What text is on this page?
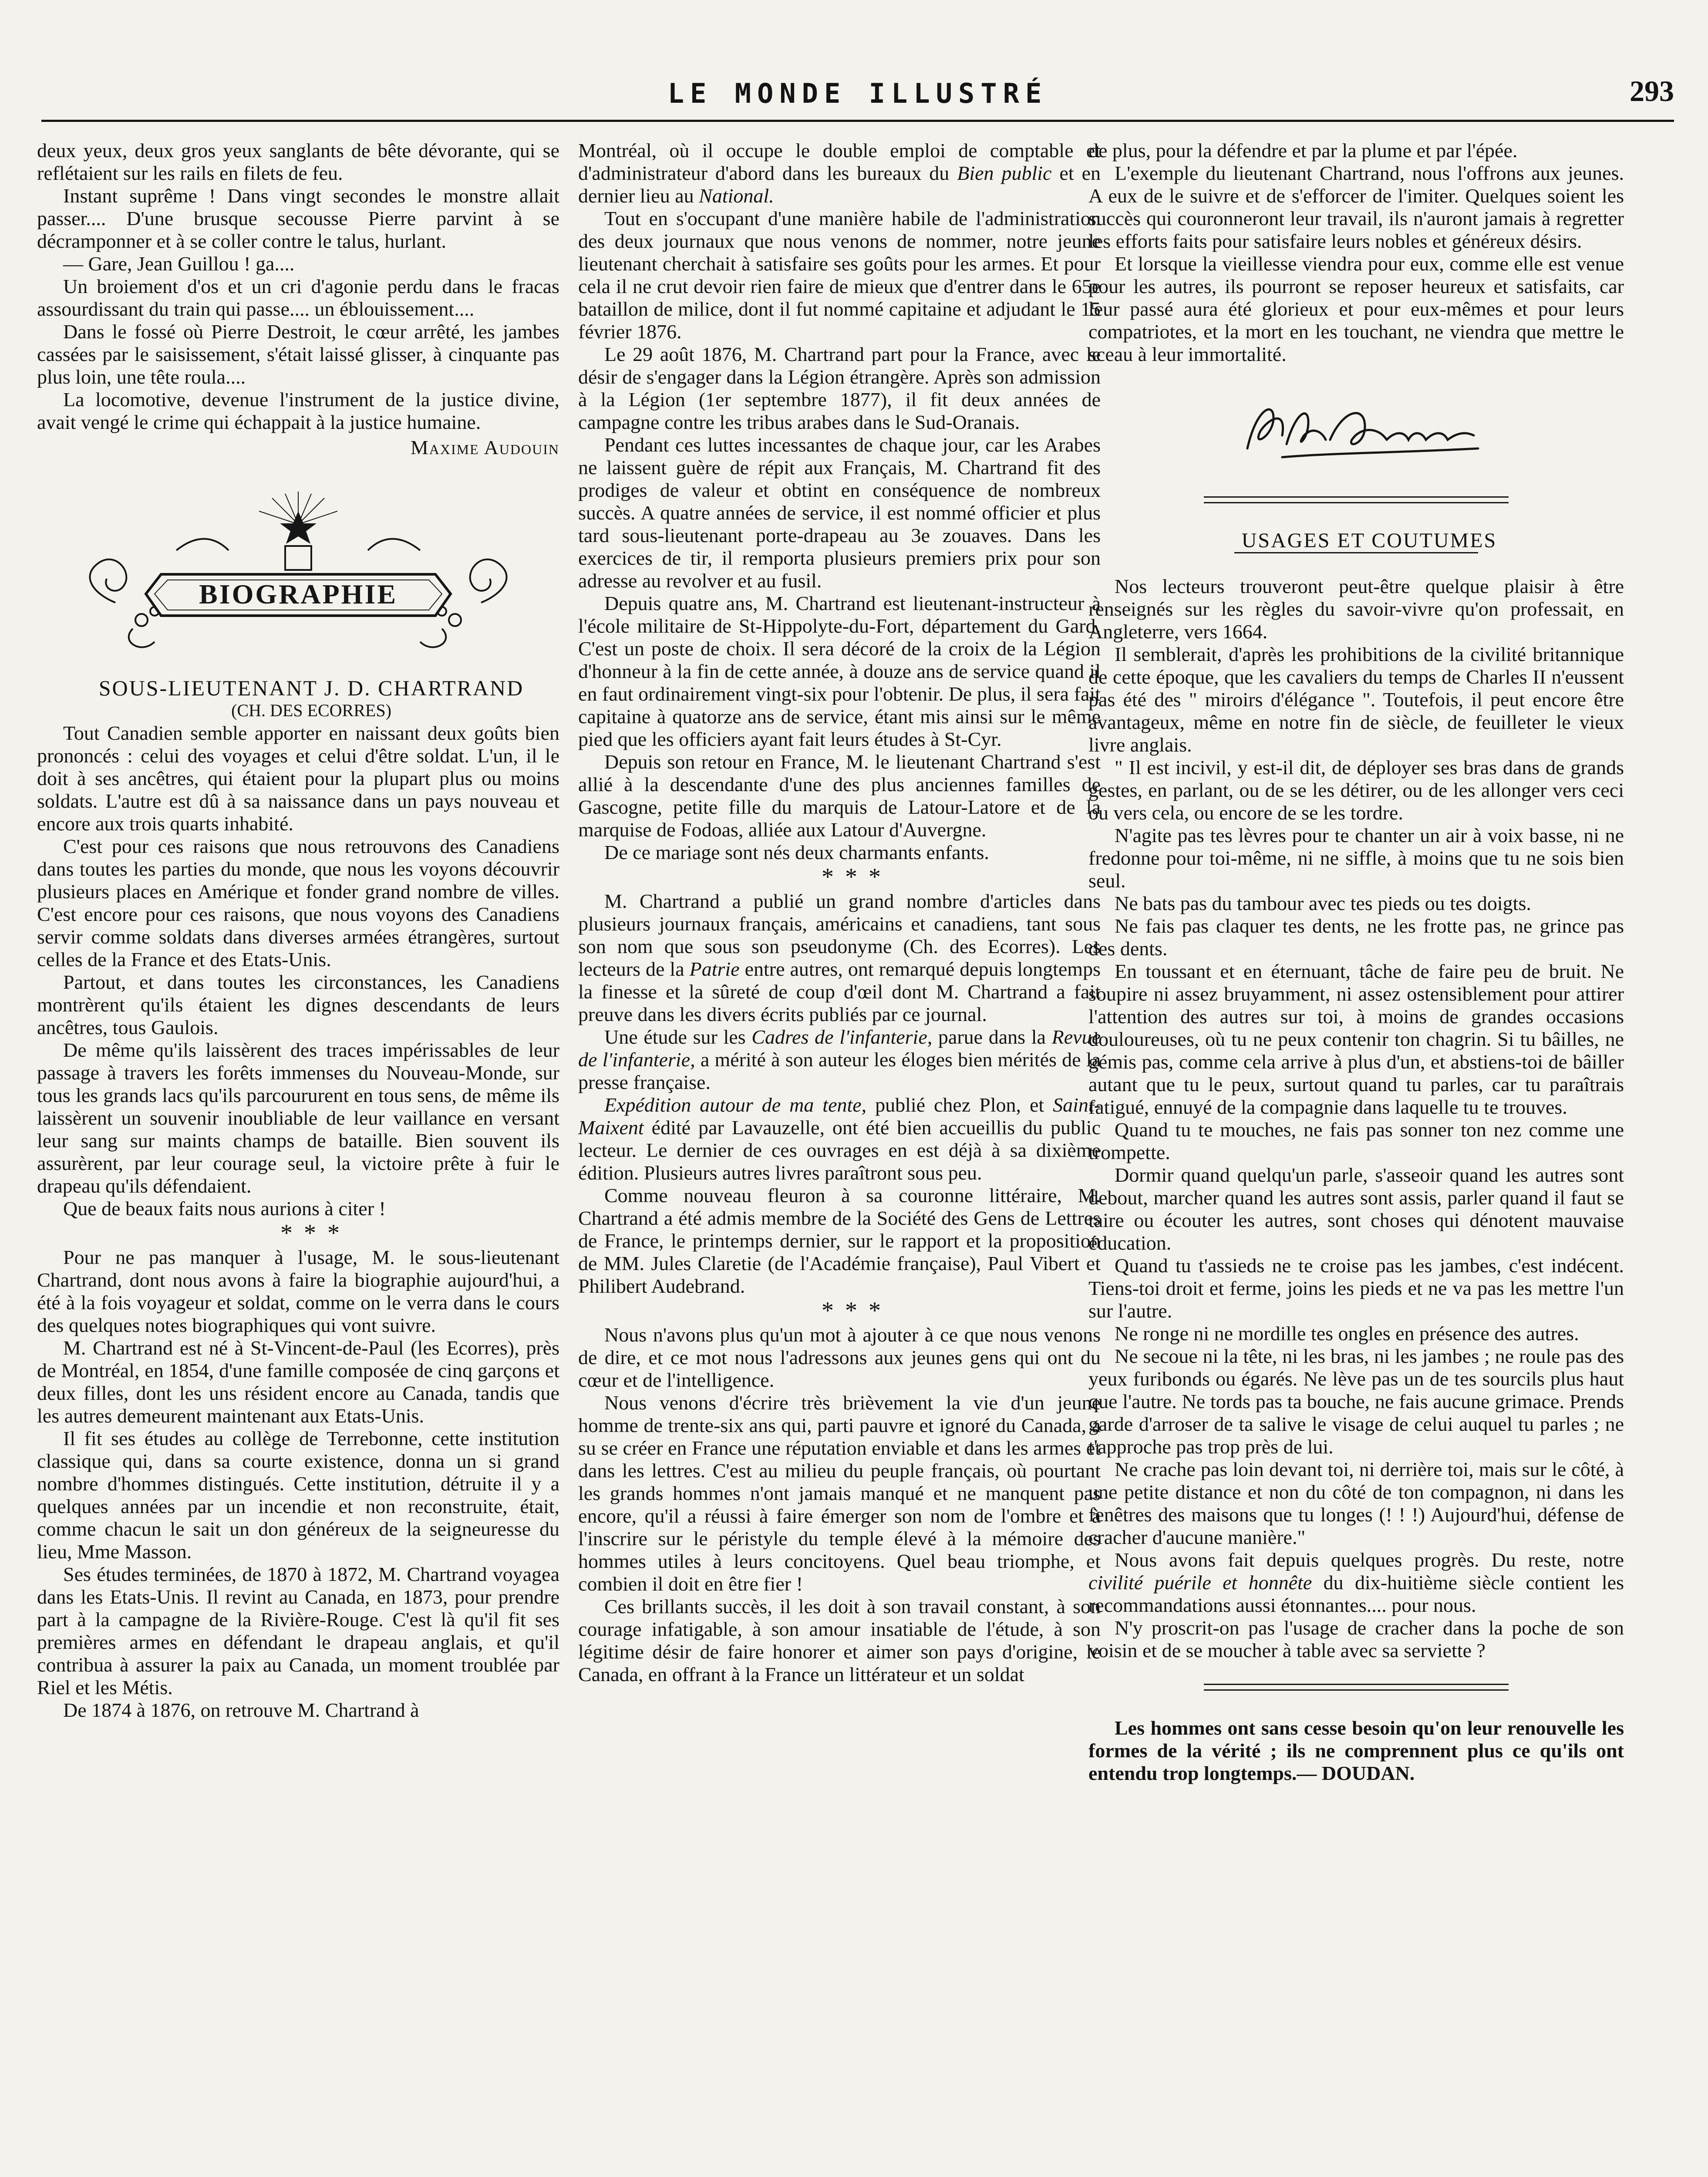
LE MONDE ILLUSTRÉ	293

deux yeux, deux gros yeux sanglants de bête dévorante, qui se reflétaient sur les rails en filets de feu.

Instant suprême ! Dans vingt secondes le monstre allait passer.... D'une brusque secousse Pierre parvint à se décramponner et à se coller contre le talus, hurlant.

— Gare, Jean Guillou ! ga....

Un broiement d'os et un cri d'agonie perdu dans le fracas assourdissant du train qui passe.... un éblouissement....

Dans le fossé où Pierre Destroit, le cœur arrêté, les jambes cassées par le saisissement, s'était laissé glisser, à cinquante pas plus loin, une tête roula....

La locomotive, devenue l'instrument de la justice divine, avait vengé le crime qui échappait à la justice humaine.

Maxime Audouin

BIOGRAPHIE

SOUS-LIEUTENANT J. D. CHARTRAND

(CH. DES ECORRES)

Tout Canadien semble apporter en naissant deux goûts bien prononcés : celui des voyages et celui d'être soldat. L'un, il le doit à ses ancêtres, qui étaient pour la plupart plus ou moins soldats. L'autre est dû à sa naissance dans un pays nouveau et encore aux trois quarts inhabité.

C'est pour ces raisons que nous retrouvons des Canadiens dans toutes les parties du monde, que nous les voyons découvrir plusieurs places en Amérique et fonder grand nombre de villes. C'est encore pour ces raisons, que nous voyons des Canadiens servir comme soldats dans diverses armées étrangères, surtout celles de la France et des Etats-Unis.

Partout, et dans toutes les circonstances, les Canadiens montrèrent qu'ils étaient les dignes descendants de leurs ancêtres, tous Gaulois.

De même qu'ils laissèrent des traces impérissables de leur passage à travers les forêts immenses du Nouveau-Monde, sur tous les grands lacs qu'ils parcoururent en tous sens, de même ils laissèrent un souvenir inoubliable de leur vaillance en versant leur sang sur maints champs de bataille. Bien souvent ils assurèrent, par leur courage seul, la victoire prête à fuir le drapeau qu'ils défendaient.

Que de beaux faits nous aurions à citer !

* * *

Pour ne pas manquer à l'usage, M. le sous-lieutenant Chartrand, dont nous avons à faire la biographie aujourd'hui, a été à la fois voyageur et soldat, comme on le verra dans le cours des quelques notes biographiques qui vont suivre.

M. Chartrand est né à St-Vincent-de-Paul (les Ecorres), près de Montréal, en 1854, d'une famille composée de cinq garçons et deux filles, dont les uns résident encore au Canada, tandis que les autres demeurent maintenant aux Etats-Unis.

Il fit ses études au collège de Terrebonne, cette institution classique qui, dans sa courte existence, donna un si grand nombre d'hommes distingués. Cette institution, détruite il y a quelques années par un incendie et non reconstruite, était, comme chacun le sait un don généreux de la seigneuresse du lieu, Mme Masson.

Ses études terminées, de 1870 à 1872, M. Chartrand voyagea dans les Etats-Unis. Il revint au Canada, en 1873, pour prendre part à la campagne de la Rivière-Rouge. C'est là qu'il fit ses premières armes en défendant le drapeau anglais, et qu'il contribua à assurer la paix au Canada, un moment troublée par Riel et les Métis.

De 1874 à 1876, on retrouve M. Chartrand à

Montréal, où il occupe le double emploi de comptable et d'administrateur d'abord dans les bureaux du Bien public et en dernier lieu au National.

Tout en s'occupant d'une manière habile de l'administration des deux journaux que nous venons de nommer, notre jeune lieutenant cherchait à satisfaire ses goûts pour les armes. Et pour cela il ne crut devoir rien faire de mieux que d'entrer dans le 65e bataillon de milice, dont il fut nommé capitaine et adjudant le 15 février 1876.

Le 29 août 1876, M. Chartrand part pour la France, avec le désir de s'engager dans la Légion étrangère. Après son admission à la Légion (1er septembre 1877), il fit deux années de campagne contre les tribus arabes dans le Sud-Oranais.

Pendant ces luttes incessantes de chaque jour, car les Arabes ne laissent guère de répit aux Français, M. Chartrand fit des prodiges de valeur et obtint en conséquence de nombreux succès. A quatre années de service, il est nommé officier et plus tard sous-lieutenant porte-drapeau au 3e zouaves. Dans les exercices de tir, il remporta plusieurs premiers prix pour son adresse au revolver et au fusil.

Depuis quatre ans, M. Chartrand est lieutenant-instructeur à l'école militaire de St-Hippolyte-du-Fort, département du Gard. C'est un poste de choix. Il sera décoré de la croix de la Légion d'honneur à la fin de cette année, à douze ans de service quand il en faut ordinairement vingt-six pour l'obtenir. De plus, il sera fait capitaine à quatorze ans de service, étant mis ainsi sur le même pied que les officiers ayant fait leurs études à St-Cyr.

Depuis son retour en France, M. le lieutenant Chartrand s'est allié à la descendante d'une des plus anciennes familles de Gascogne, petite fille du marquis de Latour-Latore et de la marquise de Fodoas, alliée aux Latour d'Auvergne.

De ce mariage sont nés deux charmants enfants.

* * *

M. Chartrand a publié un grand nombre d'articles dans plusieurs journaux français, américains et canadiens, tant sous son nom que sous son pseudonyme (Ch. des Ecorres). Les lecteurs de la Patrie entre autres, ont remarqué depuis longtemps la finesse et la sûreté de coup d'œil dont M. Chartrand a fait preuve dans les divers écrits publiés par ce journal.

Une étude sur les Cadres de l'infanterie, parue dans la Revue de l'infanterie, a mérité à son auteur les éloges bien mérités de la presse française.

Expédition autour de ma tente, publié chez Plon, et Saint-Maixent édité par Lavauzelle, ont été bien accueillis du public lecteur. Le dernier de ces ouvrages en est déjà à sa dixième édition. Plusieurs autres livres paraîtront sous peu.

Comme nouveau fleuron à sa couronne littéraire, M. Chartrand a été admis membre de la Société des Gens de Lettres de France, le printemps dernier, sur le rapport et la proposition de MM. Jules Claretie (de l'Académie française), Paul Vibert et Philibert Audebrand.

* * *

Nous n'avons plus qu'un mot à ajouter à ce que nous venons de dire, et ce mot nous l'adressons aux jeunes gens qui ont du cœur et de l'intelligence.

Nous venons d'écrire très brièvement la vie d'un jeune homme de trente-six ans qui, parti pauvre et ignoré du Canada, a su se créer en France une réputation enviable et dans les armes et dans les lettres. C'est au milieu du peuple français, où pourtant les grands hommes n'ont jamais manqué et ne manquent pas encore, qu'il a réussi à faire émerger son nom de l'ombre et à l'inscrire sur le péristyle du temple élevé à la mémoire des hommes utiles à leurs concitoyens. Quel beau triomphe, et combien il doit en être fier !

Ces brillants succès, il les doit à son travail constant, à son courage infatigable, à son amour insatiable de l'étude, à son légitime désir de faire honorer et aimer son pays d'origine, le Canada, en offrant à la France un littérateur et un soldat

de plus, pour la défendre et par la plume et par l'épée.

L'exemple du lieutenant Chartrand, nous l'offrons aux jeunes. A eux de le suivre et de s'efforcer de l'imiter. Quelques soient les succès qui couronneront leur travail, ils n'auront jamais à regretter les efforts faits pour satisfaire leurs nobles et généreux désirs.

Et lorsque la vieillesse viendra pour eux, comme elle est venue pour les autres, ils pourront se reposer heureux et satisfaits, car leur passé aura été glorieux et pour eux-mêmes et pour leurs compatriotes, et la mort en les touchant, ne viendra que mettre le sceau à leur immortalité.

USAGES ET COUTUMES

Nos lecteurs trouveront peut-être quelque plaisir à être renseignés sur les règles du savoir-vivre qu'on professait, en Angleterre, vers 1664.

Il semblerait, d'après les prohibitions de la civilité britannique de cette époque, que les cavaliers du temps de Charles II n'eussent pas été des " miroirs d'élégance ". Toutefois, il peut encore être avantageux, même en notre fin de siècle, de feuilleter le vieux livre anglais.

" Il est incivil, y est-il dit, de déployer ses bras dans de grands gestes, en parlant, ou de se les détirer, ou de les allonger vers ceci ou vers cela, ou encore de se les tordre.

N'agite pas tes lèvres pour te chanter un air à voix basse, ni ne fredonne pour toi-même, ni ne siffle, à moins que tu ne sois bien seul.

Ne bats pas du tambour avec tes pieds ou tes doigts.

Ne fais pas claquer tes dents, ne les frotte pas, ne grince pas des dents.

En toussant et en éternuant, tâche de faire peu de bruit. Ne soupire ni assez bruyamment, ni assez ostensiblement pour attirer l'attention des autres sur toi, à moins de grandes occasions douloureuses, où tu ne peux contenir ton chagrin. Si tu bâilles, ne gémis pas, comme cela arrive à plus d'un, et abstiens-toi de bâiller autant que tu le peux, surtout quand tu parles, car tu paraîtrais fatigué, ennuyé de la compagnie dans laquelle tu te trouves.

Quand tu te mouches, ne fais pas sonner ton nez comme une trompette.

Dormir quand quelqu'un parle, s'asseoir quand les autres sont debout, marcher quand les autres sont assis, parler quand il faut se taire ou écouter les autres, sont choses qui dénotent mauvaise éducation.

Quand tu t'assieds ne te croise pas les jambes, c'est indécent. Tiens-toi droit et ferme, joins les pieds et ne va pas les mettre l'un sur l'autre.

Ne ronge ni ne mordille tes ongles en présence des autres.

Ne secoue ni la tête, ni les bras, ni les jambes ; ne roule pas des yeux furibonds ou égarés. Ne lève pas un de tes sourcils plus haut que l'autre. Ne tords pas ta bouche, ne fais aucune grimace. Prends garde d'arroser de ta salive le visage de celui auquel tu parles ; ne t'approche pas trop près de lui.

Ne crache pas loin devant toi, ni derrière toi, mais sur le côté, à une petite distance et non du côté de ton compagnon, ni dans les fenêtres des maisons que tu longes (! ! !) Aujourd'hui, défense de cracher d'aucune manière."

Nous avons fait depuis quelques progrès. Du reste, notre civilité puérile et honnête du dix-huitième siècle contient les recommandations aussi étonnantes.... pour nous.

N'y proscrit-on pas l'usage de cracher dans la poche de son voisin et de se moucher à table avec sa serviette ?

Les hommes ont sans cesse besoin qu'on leur renouvelle les formes de la vérité ; ils ne comprennent plus ce qu'ils ont entendu trop longtemps.— DOUDAN.
